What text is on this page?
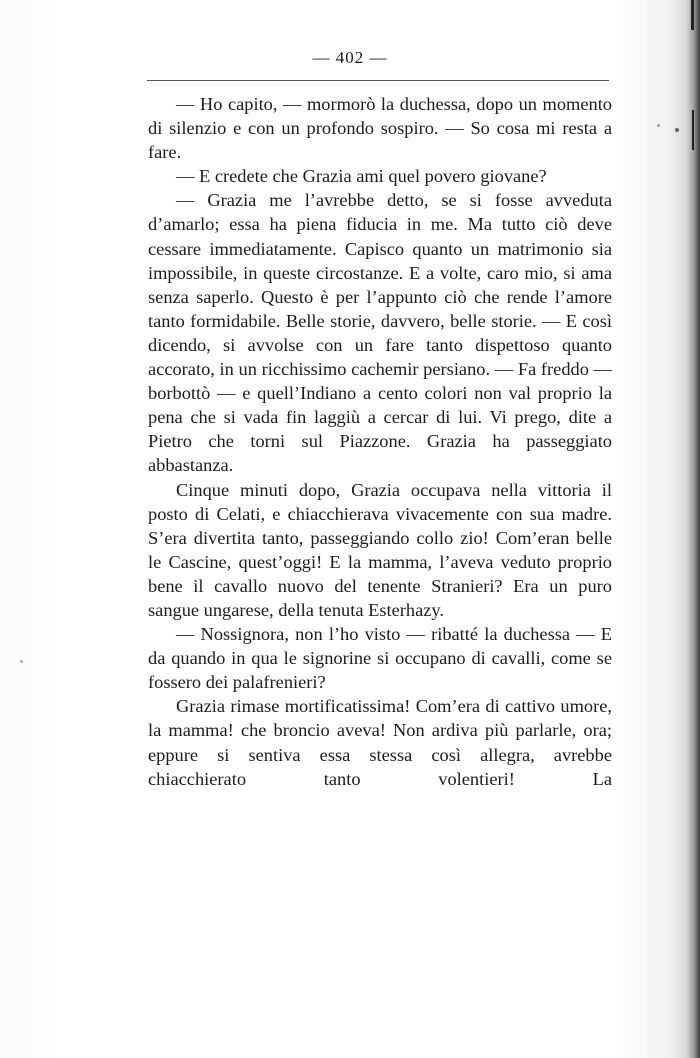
— 402 —

— Ho capito, — mormorò la duchessa, dopo un momento di silenzio e con un profondo sospiro. — So cosa mi resta a fare.

— E credete che Grazia ami quel povero giovane?

— Grazia me l’avrebbe detto, se si fosse avveduta d’amarlo; essa ha piena fiducia in me. Ma tutto ciò deve cessare immediatamente. Capisco quanto un matrimonio sia impossibile, in queste circostanze. E a volte, caro mio, si ama senza saperlo. Questo è per l’appunto ciò che rende l’amore tanto formidabile. Belle storie, davvero, belle storie. — E così dicendo, si avvolse con un fare tanto dispettoso quanto accorato, in un ricchissimo cachemir persiano. — Fa freddo — borbottò — e quell’Indiano a cento colori non val proprio la pena che si vada fin laggiù a cercar di lui. Vi prego, dite a Pietro che torni sul Piazzone. Grazia ha passeggiato abbastanza.

Cinque minuti dopo, Grazia occupava nella vittoria il posto di Celati, e chiacchierava vivacemente con sua madre. S’era divertita tanto, passeggiando collo zio! Com’eran belle le Cascine, quest’oggi! E la mamma, l’aveva veduto proprio bene il cavallo nuovo del tenente Stranieri? Era un puro sangue ungarese, della tenuta Esterhazy.

— Nossignora, non l’ho visto — ribatté la duchessa — E da quando in qua le signorine si occupano di cavalli, come se fossero dei palafrenieri?

Grazia rimase mortificatissima! Com’era di cattivo umore, la mamma! che broncio aveva! Non ardiva più parlarle, ora; eppure si sentiva essa stessa così allegra, avrebbe chiacchierato tanto volentieri! La
